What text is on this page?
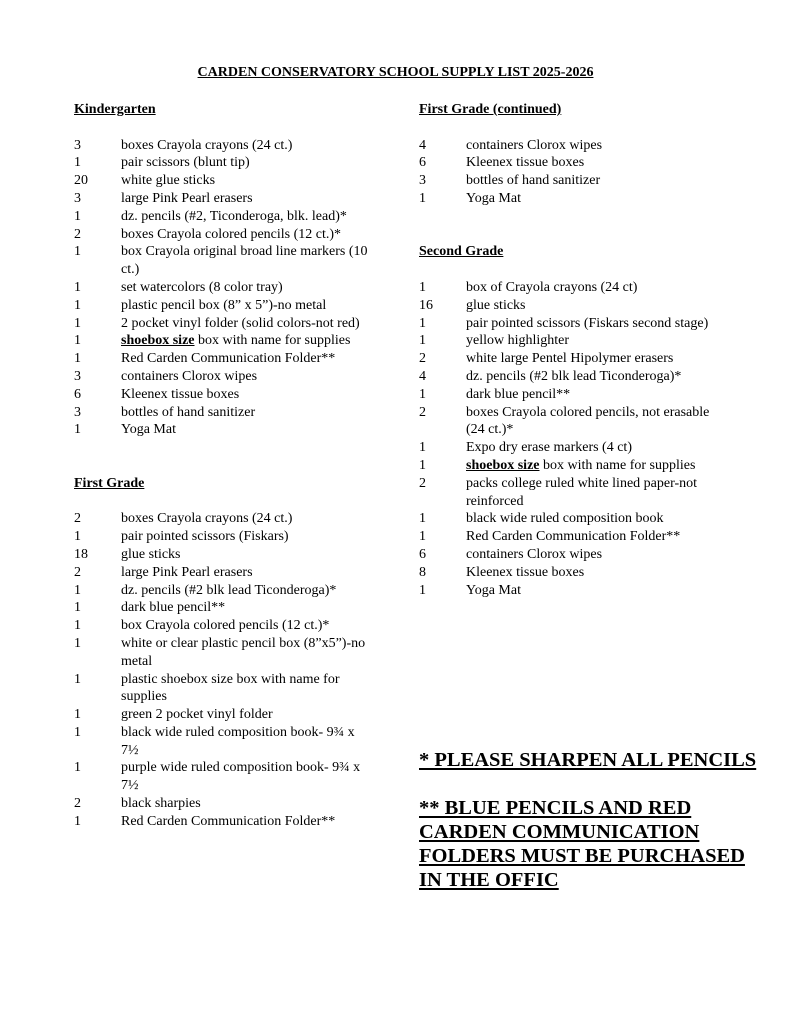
CARDEN CONSERVATORY SCHOOL SUPPLY LIST 2025-2026
Kindergarten
3	boxes Crayola crayons (24 ct.)
1	pair scissors (blunt tip)
20 white glue sticks
3	large Pink Pearl erasers
1	dz. pencils (#2, Ticonderoga, blk. lead)*
2	boxes Crayola colored pencils (12 ct.)*
1	box Crayola original broad line markers (10 ct.)
1	set watercolors (8 color tray)
1	plastic pencil box (8” x 5”)-no metal
1	2 pocket vinyl folder (solid colors-not red)
1	shoebox size box with name for supplies
1	Red Carden Communication Folder**
3	containers Clorox wipes
6	Kleenex tissue boxes
3	bottles of hand sanitizer
1	Yoga Mat
First Grade
2	boxes Crayola crayons (24 ct.)
1	pair pointed scissors (Fiskars)
18 glue sticks
2	large Pink Pearl erasers
1	dz. pencils (#2 blk lead Ticonderoga)*
1	dark blue pencil**
1	box Crayola colored pencils (12 ct.)*
1	white or clear plastic pencil box (8”x5”)-no metal
1	plastic shoebox size box with name for supplies
1	green 2 pocket vinyl folder
1	black wide ruled composition book- 9¾ x 7½
1	purple wide ruled composition book- 9¾ x 7½
2	black sharpies
1	Red Carden Communication Folder**
First Grade (continued)
4	containers Clorox wipes
6	Kleenex tissue boxes
3	bottles of hand sanitizer
1	Yoga Mat
Second Grade
1	box of Crayola crayons (24 ct)
16 glue sticks
1	pair pointed scissors (Fiskars second stage)
1	yellow highlighter
2	white large Pentel Hipolymer erasers
4	dz. pencils (#2 blk lead Ticonderoga)*
1	dark blue pencil**
2	boxes Crayola colored pencils, not erasable (24 ct.)*
1	Expo dry erase markers (4 ct)
1	shoebox size box with name for supplies
2	packs college ruled white lined paper-not reinforced
1	black wide ruled composition book
1	Red Carden Communication Folder**
6	containers Clorox wipes
8	Kleenex tissue boxes
1	Yoga Mat

* PLEASE SHARPEN ALL PENCILS

** BLUE PENCILS AND RED CARDEN COMMUNICATION FOLDERS MUST BE PURCHASED IN THE OFFIC
